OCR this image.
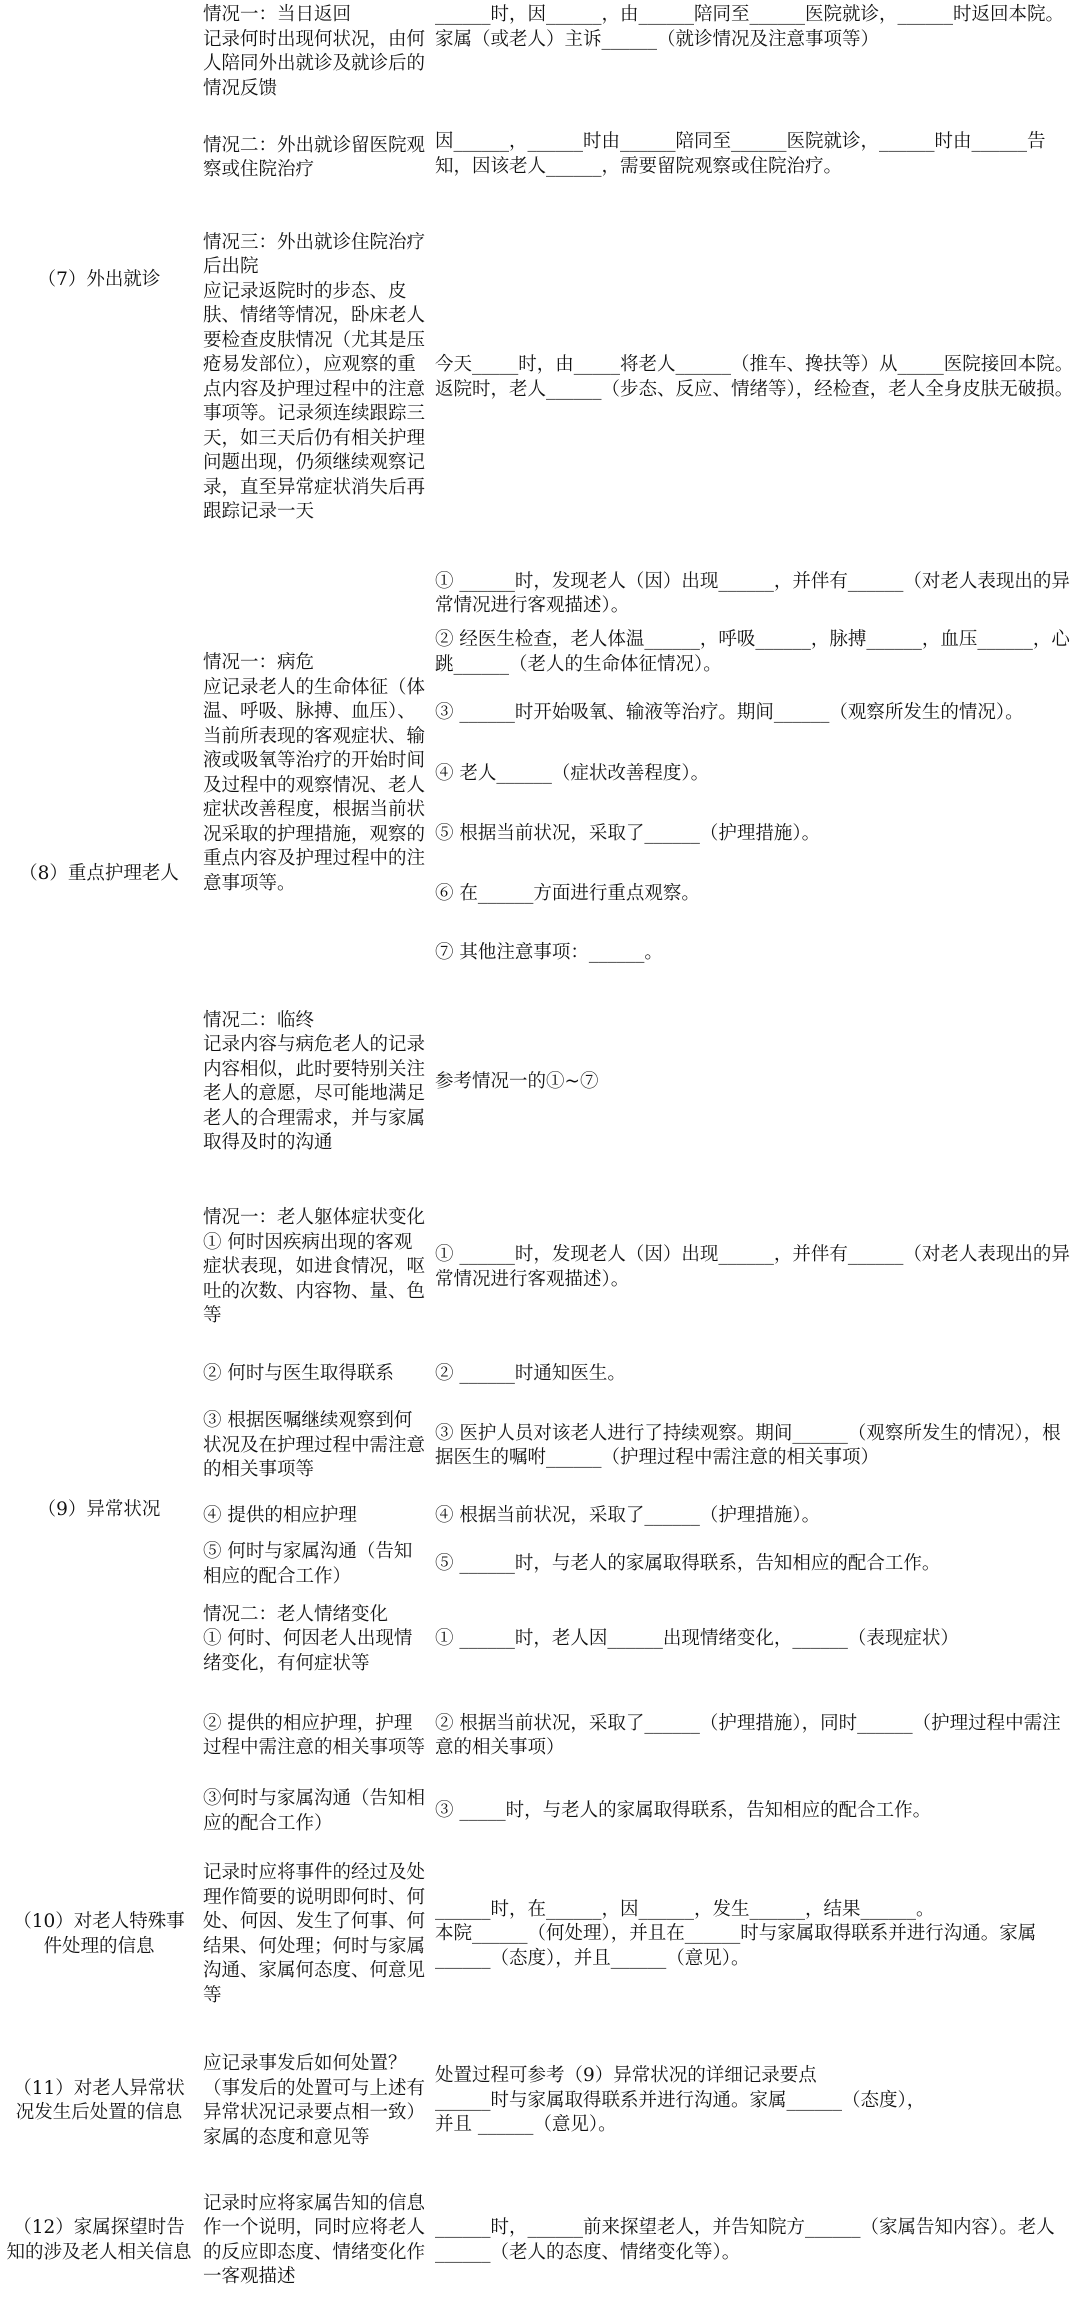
（7）外出就诊
情况一：当日返回
记录何时出现何状况，由何人陪同外出就诊及就诊后的情况反馈
______时，因______，由______陪同至______医院就诊，______时返回本院。家属（或老人）主诉______（就诊情况及注意事项等）
情况二：外出就诊留医院观察或住院治疗
因______，______时由______陪同至______医院就诊，______时由______告知，因该老人______，需要留院观察或住院治疗。
情况三：外出就诊住院治疗后出院
应记录返院时的步态、皮肤、情绪等情况，卧床老人要检查皮肤情况（尤其是压疮易发部位），应观察的重点内容及护理过程中的注意事项等。记录须连续跟踪三天，如三天后仍有相关护理问题出现，仍须继续观察记录，直至异常症状消失后再跟踪记录一天
今天_____时，由_____将老人______（推车、搀扶等）从_____医院接回本院。返院时，老人______（步态、反应、情绪等），经检查，老人全身皮肤无破损。
（8）重点护理老人
情况一：病危
应记录老人的生命体征（体温、呼吸、脉搏、血压）、当前所表现的客观症状、输液或吸氧等治疗的开始时间及过程中的观察情况、老人症状改善程度，根据当前状况采取的护理措施，观察的重点内容及护理过程中的注意事项等。
① ______时，发现老人（因）出现______，并伴有______（对老人表现出的异常情况进行客观描述）。
② 经医生检查，老人体温______，呼吸______，脉搏______，血压______，心跳______（老人的生命体征情况）。
③ ______时开始吸氧、输液等治疗。期间______（观察所发生的情况）。
④ 老人______（症状改善程度）。
⑤ 根据当前状况，采取了______（护理措施）。
⑥ 在______方面进行重点观察。
⑦ 其他注意事项：______。
情况二：临终
记录内容与病危老人的记录内容相似，此时要特别关注老人的意愿，尽可能地满足老人的合理需求，并与家属取得及时的沟通
参考情况一的①~⑦
（9）异常状况
情况一：老人躯体症状变化
① 何时因疾病出现的客观症状表现，如进食情况，呕吐的次数、内容物、量、色等
① ______时，发现老人（因）出现______，并伴有______（对老人表现出的异常情况进行客观描述）。
② 何时与医生取得联系 ② ______时通知医生。
③ 根据医嘱继续观察到何状况及在护理过程中需注意的相关事项等
③ 医护人员对该老人进行了持续观察。期间______（观察所发生的情况），根据医生的嘱咐______（护理过程中需注意的相关事项）
④ 提供的相应护理	④ 根据当前状况，采取了______（护理措施）。
⑤ 何时与家属沟通（告知相应的配合工作）
⑤ ______时，与老人的家属取得联系，告知相应的配合工作。
情况二：老人情绪变化
① 何时、何因老人出现情绪变化，有何症状等
① ______时，老人因______出现情绪变化，______（表现症状）
② 提供的相应护理，护理过程中需注意的相关事项等
② 根据当前状况，采取了______（护理措施），同时______（护理过程中需注意的相关事项）
③何时与家属沟通（告知相应的配合工作）
③ _____时，与老人的家属取得联系，告知相应的配合工作。
（10）对老人特殊事件处理的信息
记录时应将事件的经过及处理作简要的说明即何时、何处、何因、发生了何事、何结果、何处理；何时与家属沟通、家属何态度、何意见等
______时，在______，因______，发生______，结果______。
本院______（何处理），并且在______时与家属取得联系并进行沟通。家属______（态度），并且______（意见）。
（11）对老人异常状况发生后处置的信息
应记录事发后如何处置？（事发后的处置可与上述有异常状况记录要点相一致）家属的态度和意见等
处置过程可参考（9）异常状况的详细记录要点
______时与家属取得联系并进行沟通。家属______（态度），
并且 ______（意见）。
（12）家属探望时告知的涉及老人相关信息
记录时应将家属告知的信息作一个说明，同时应将老人的反应即态度、情绪变化作一客观描述
______时，______前来探望老人，并告知院方______（家属告知内容）。老人______（老人的态度、情绪变化等）。
